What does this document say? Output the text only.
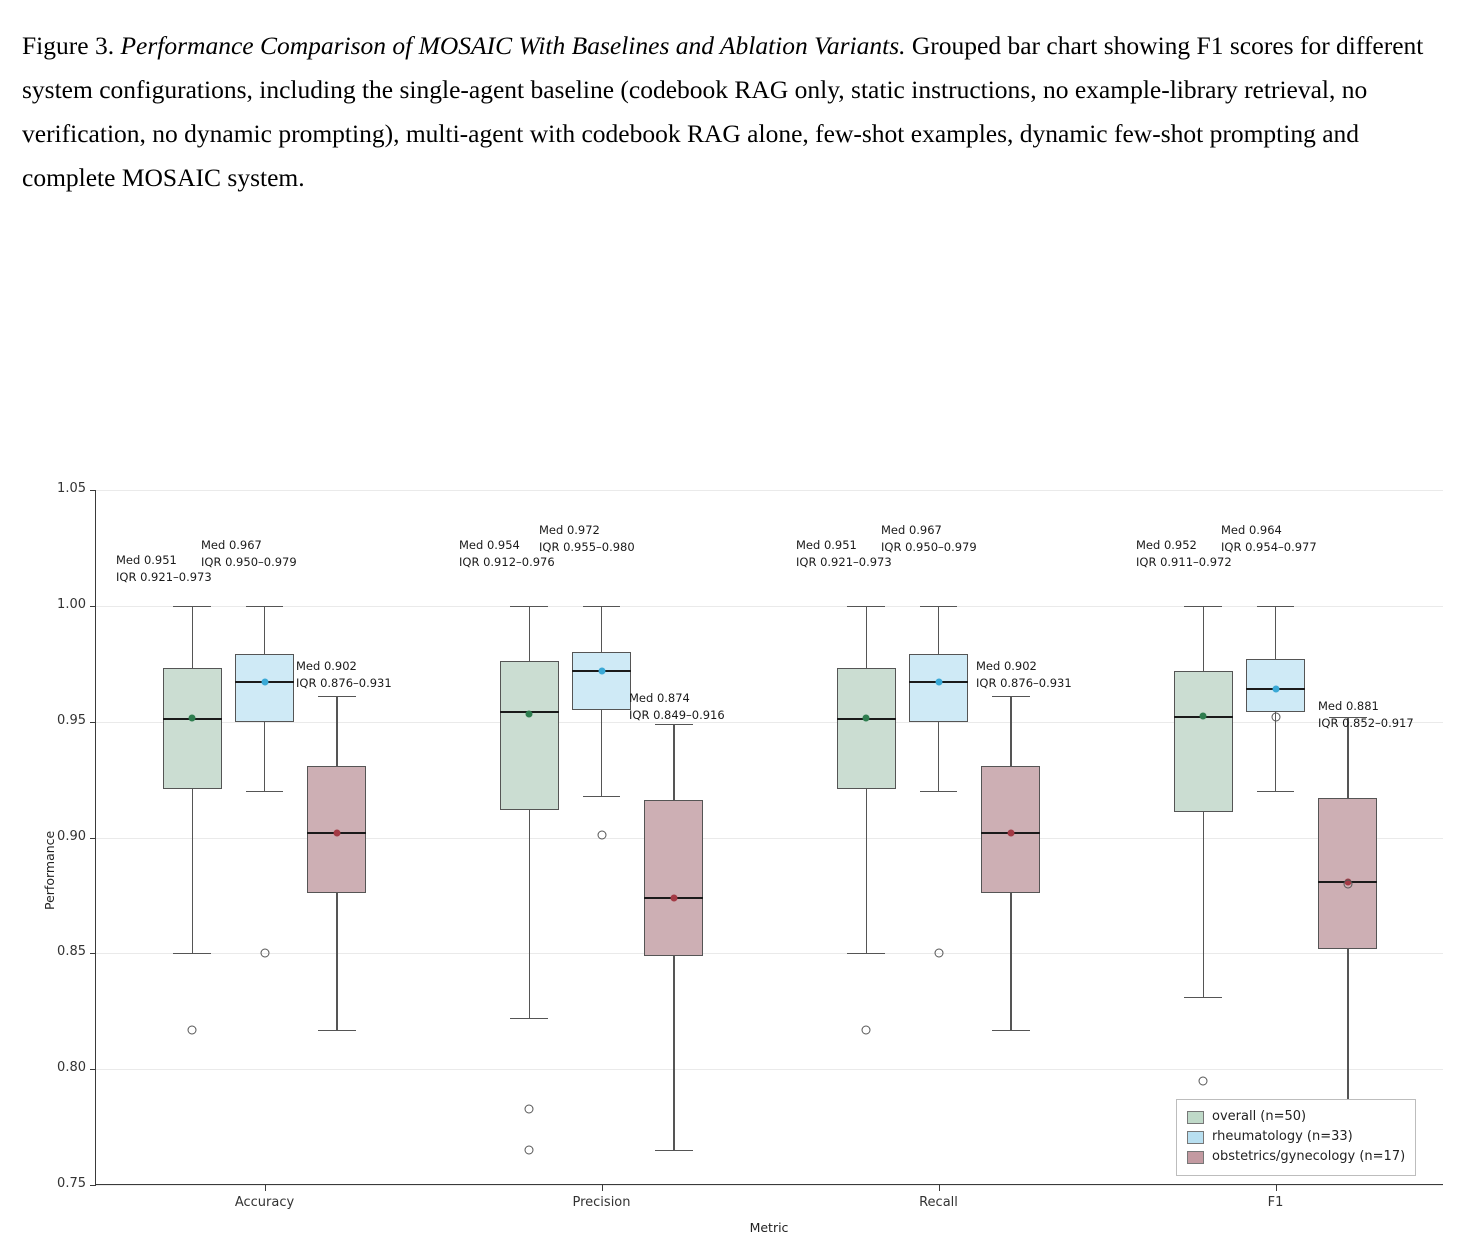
Figure 3. Performance Comparison of MOSAIC With Baselines and Ablation Variants. Grouped bar chart showing F1 scores for different system configurations, including the single-agent baseline (codebook RAG only, static instructions, no example-library retrieval, no verification, no dynamic prompting), multi-agent with codebook RAG alone, few-shot examples, dynamic few-shot prompting and complete MOSAIC system.
Performance
0.75
0.80
0.85
0.90
0.95
1.00
1.05
Accuracy	Precision	Recall	F1
Med 0.951
IQR 0.921–0.973
Med 0.967
IQR 0.950–0.979
Med 0.902
IQR 0.876–0.931
Med 0.954
IQR 0.912–0.976
Med 0.972
IQR 0.955–0.980
Med 0.874
IQR 0.849–0.916
Med 0.951
IQR 0.921–0.973
Med 0.967
IQR 0.950–0.979
Med 0.902
IQR 0.876–0.931
Med 0.952
IQR 0.911–0.972
Med 0.964
IQR 0.954–0.977
Med 0.881
IQR 0.852–0.917
Metric
overall (n=50)
rheumatology (n=33)
obstetrics/gynecology (n=17)
